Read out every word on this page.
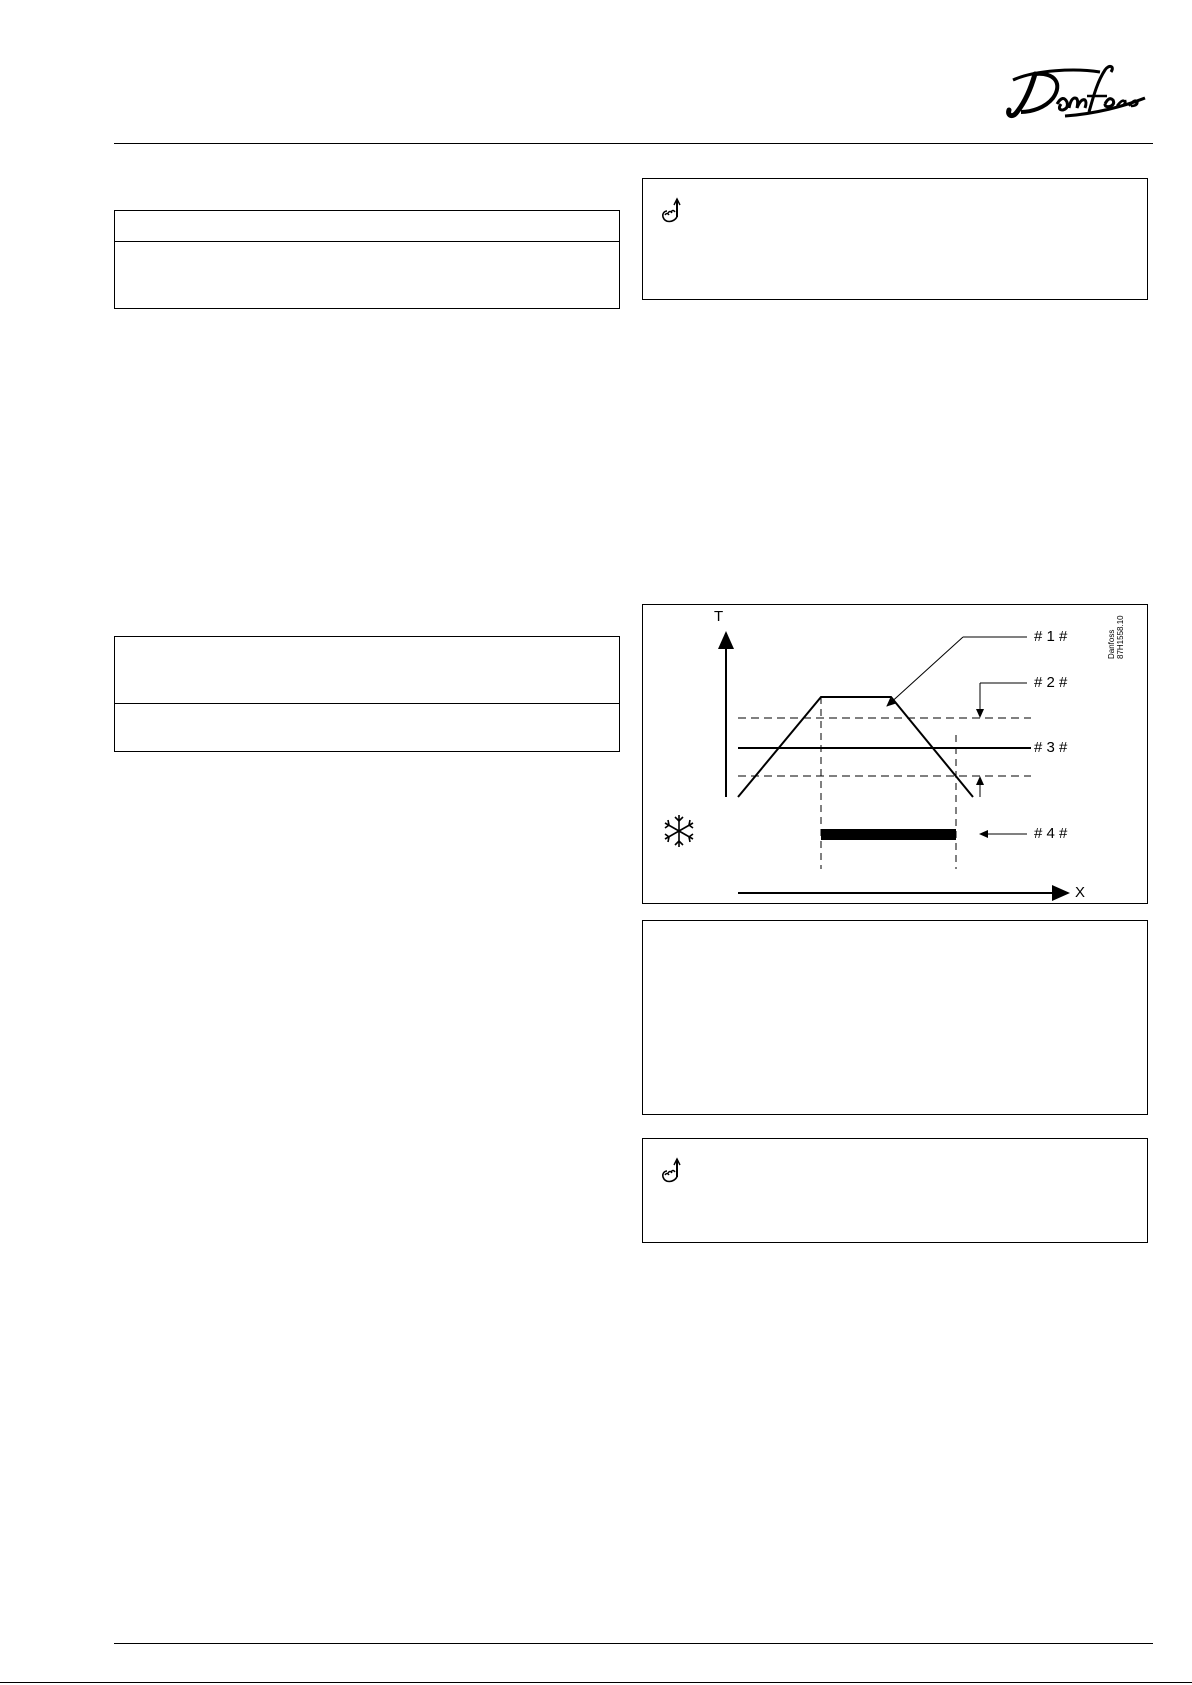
T
X
# 1 #
# 2 #
# 3 #
# 4 #
Danfoss 87H1558.10
